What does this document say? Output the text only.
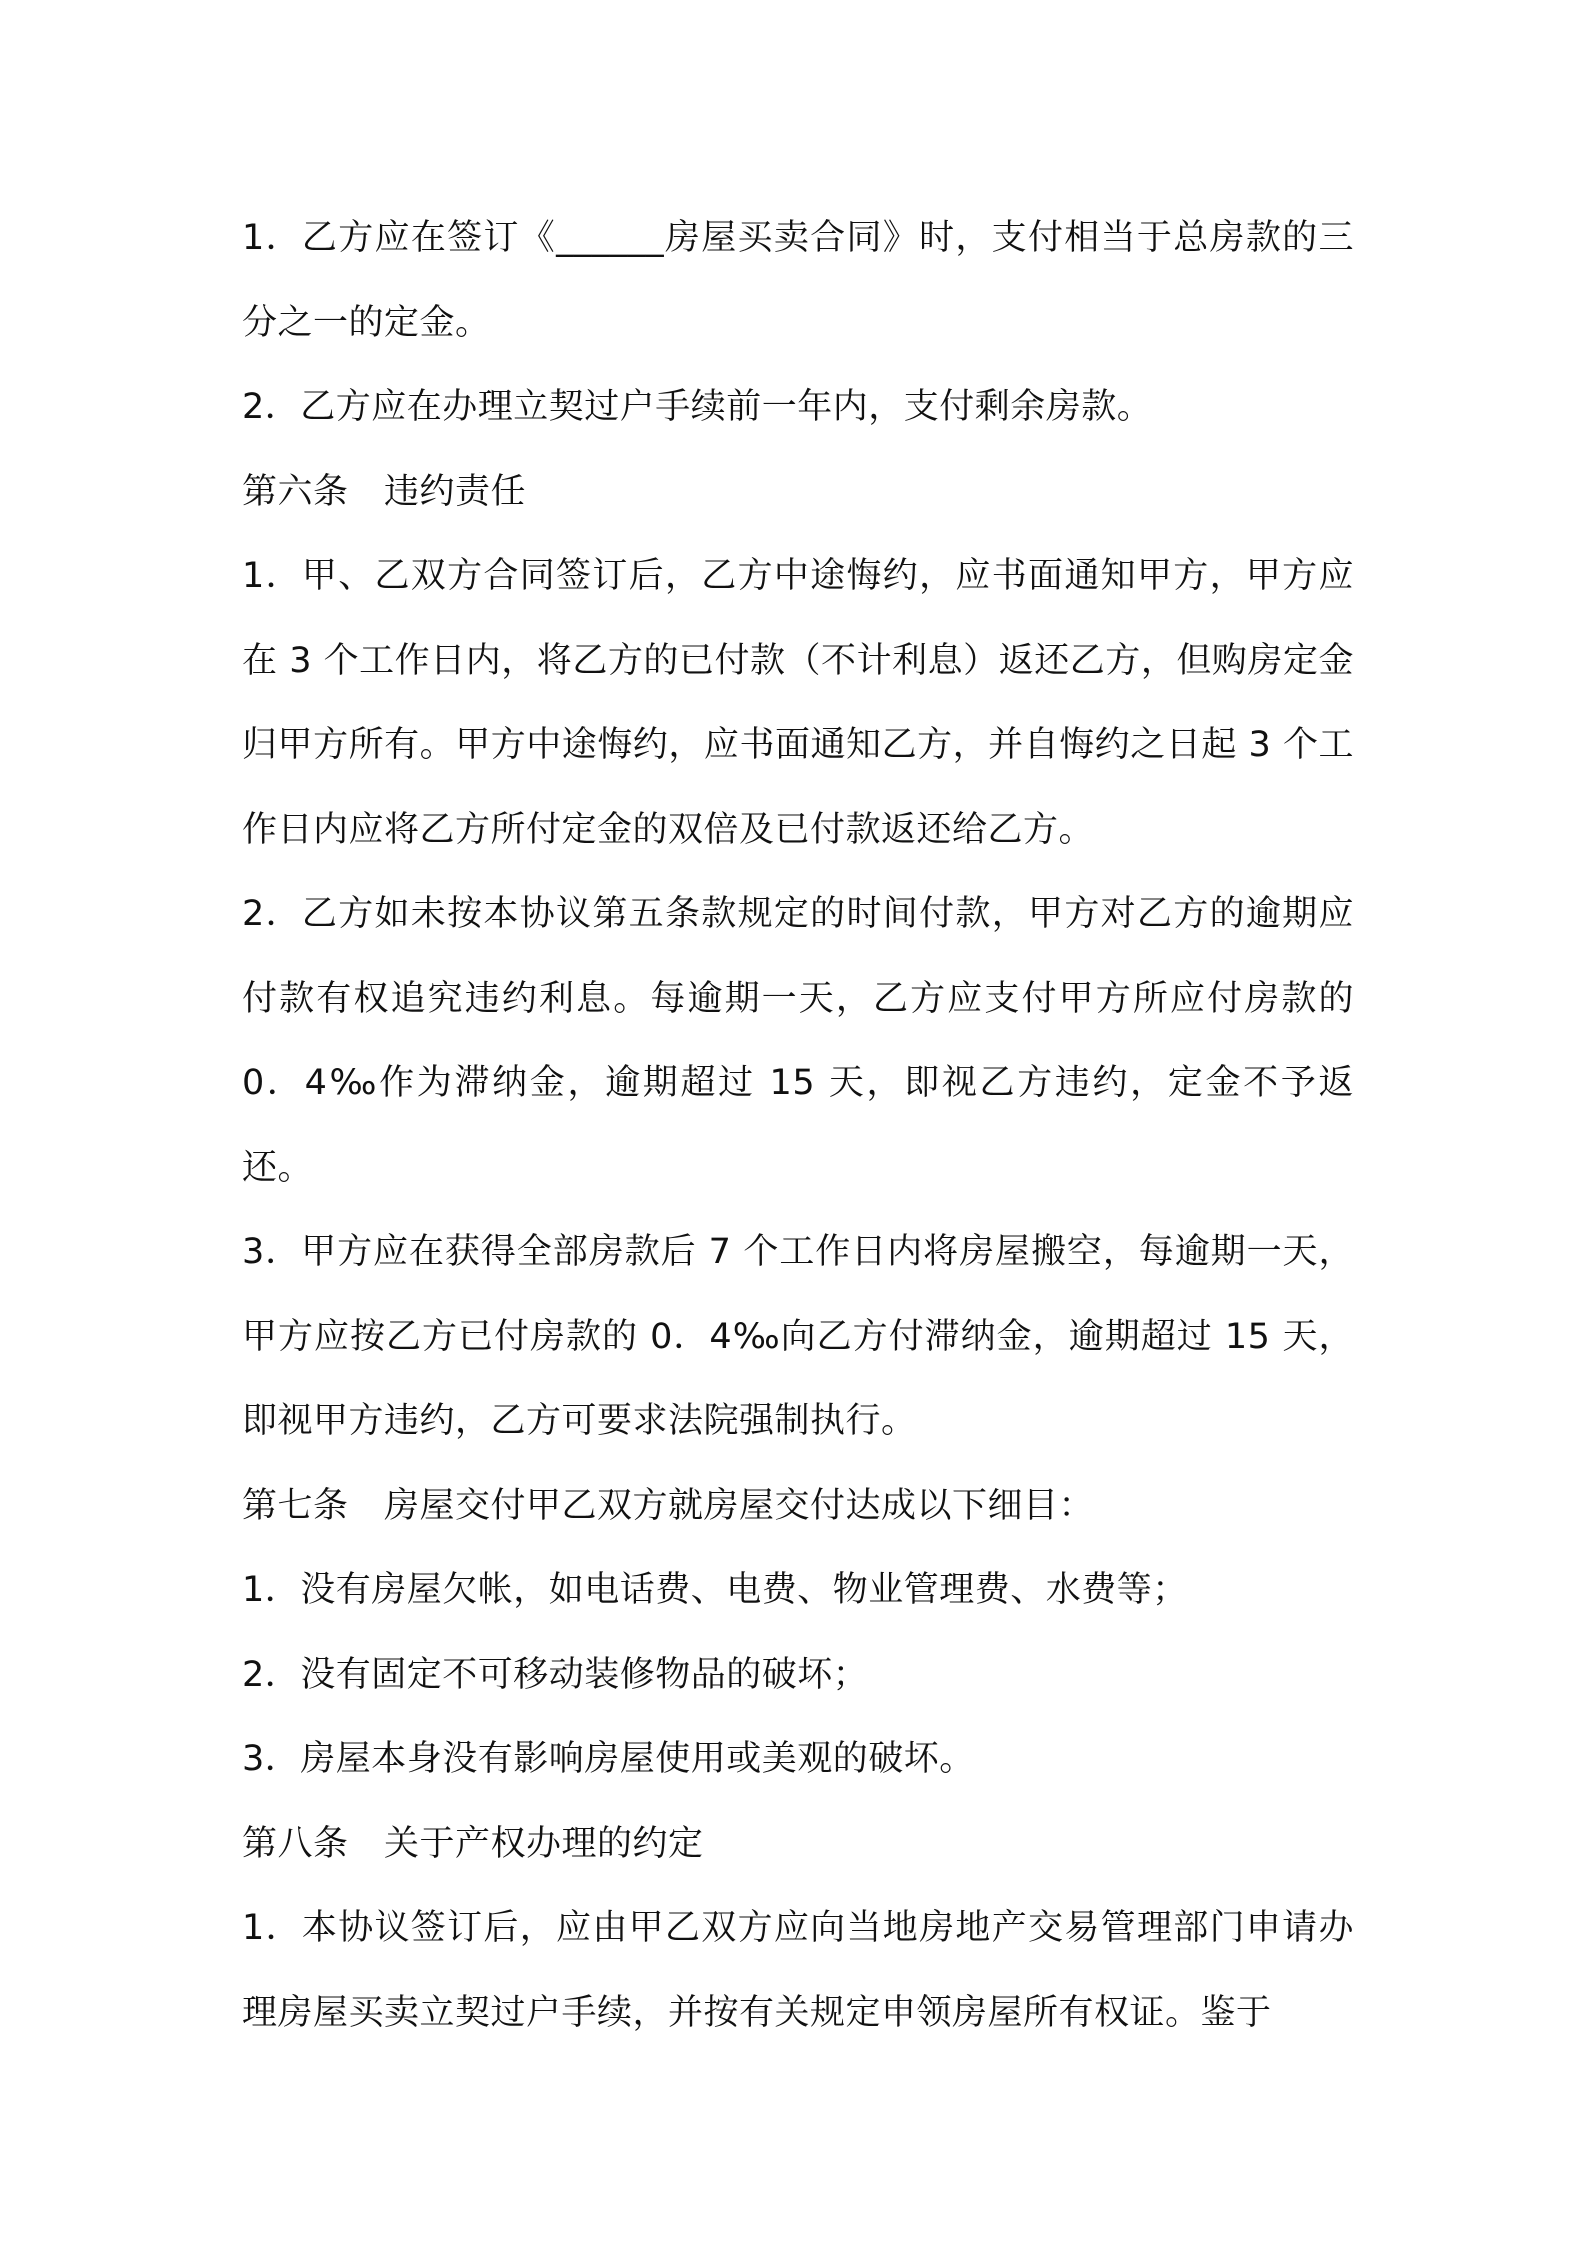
1．乙方应在签订《______房屋买卖合同》时，支付相当于总房款的三分之一的定金。

2．乙方应在办理立契过户手续前一年内，支付剩余房款。

第六条　违约责任

1．甲、乙双方合同签订后，乙方中途悔约，应书面通知甲方，甲方应在 3 个工作日内，将乙方的已付款（不计利息）返还乙方，但购房定金归甲方所有。甲方中途悔约，应书面通知乙方，并自悔约之日起 3 个工作日内应将乙方所付定金的双倍及已付款返还给乙方。

2．乙方如未按本协议第五条款规定的时间付款，甲方对乙方的逾期应付款有权追究违约利息。每逾期一天，乙方应支付甲方所应付房款的 0．4‰作为滞纳金，逾期超过 15 天，即视乙方违约，定金不予返还。

3．甲方应在获得全部房款后 7 个工作日内将房屋搬空，每逾期一天，甲方应按乙方已付房款的 0．4‰向乙方付滞纳金，逾期超过 15 天，即视甲方违约，乙方可要求法院强制执行。

第七条　房屋交付甲乙双方就房屋交付达成以下细目：

1．没有房屋欠帐，如电话费、电费、物业管理费、水费等；

2．没有固定不可移动装修物品的破坏；

3．房屋本身没有影响房屋使用或美观的破坏。

第八条　关于产权办理的约定

1．本协议签订后，应由甲乙双方应向当地房地产交易管理部门申请办理房屋买卖立契过户手续，并按有关规定申领房屋所有权证。鉴于
